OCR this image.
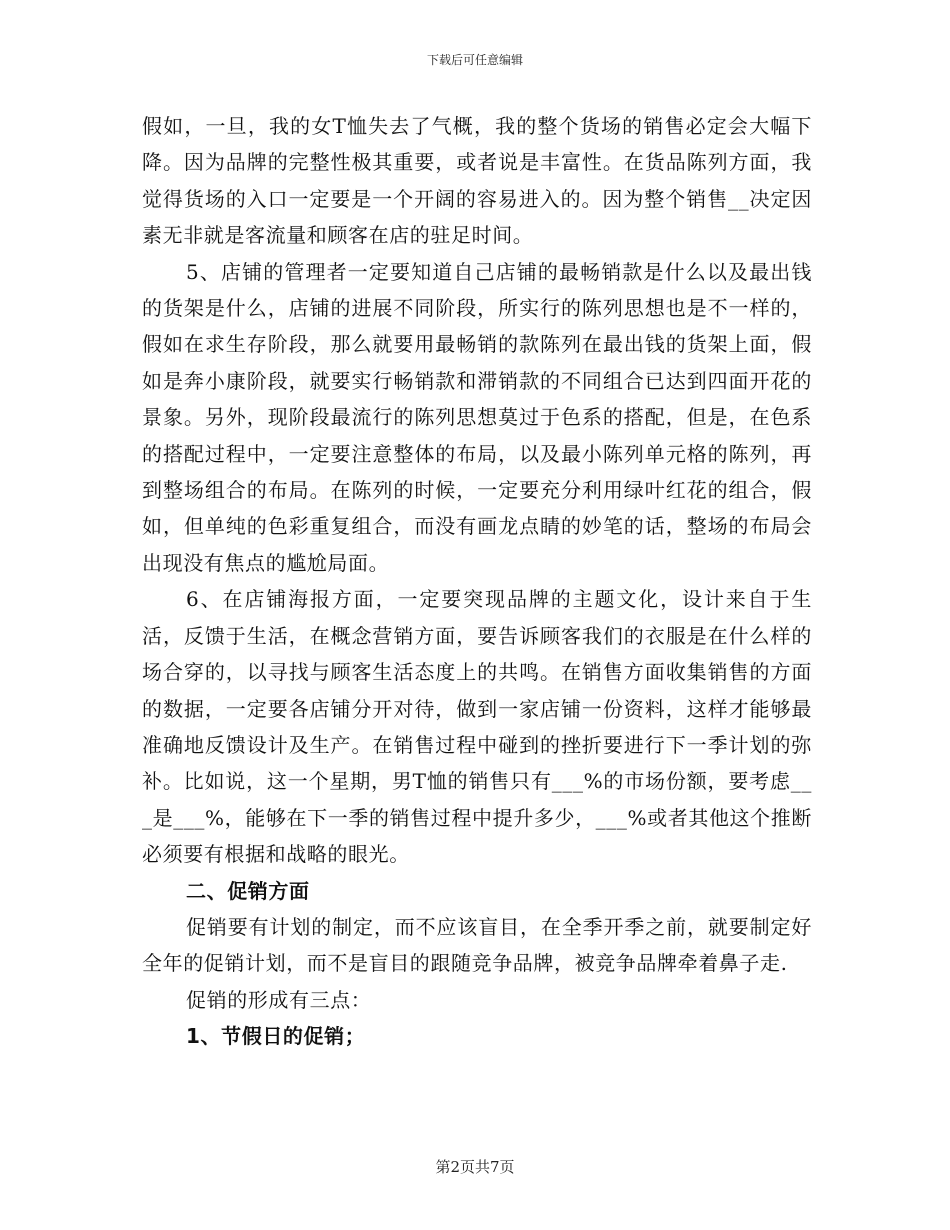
下载后可任意编辑

假如，一旦，我的女T恤失去了气概，我的整个货场的销售必定会大幅下降。因为品牌的完整性极其重要，或者说是丰富性。在货品陈列方面，我觉得货场的入口一定要是一个开阔的容易进入的。因为整个销售__决定因素无非就是客流量和顾客在店的驻足时间。

5、店铺的管理者一定要知道自己店铺的最畅销款是什么以及最出钱的货架是什么，店铺的进展不同阶段，所实行的陈列思想也是不一样的，假如在求生存阶段，那么就要用最畅销的款陈列在最出钱的货架上面，假如是奔小康阶段，就要实行畅销款和滞销款的不同组合已达到四面开花的景象。另外，现阶段最流行的陈列思想莫过于色系的搭配，但是，在色系的搭配过程中，一定要注意整体的布局，以及最小陈列单元格的陈列，再到整场组合的布局。在陈列的时候，一定要充分利用绿叶红花的组合，假如，但单纯的色彩重复组合，而没有画龙点睛的妙笔的话，整场的布局会出现没有焦点的尴尬局面。

6、在店铺海报方面，一定要突现品牌的主题文化，设计来自于生活，反馈于生活，在概念营销方面，要告诉顾客我们的衣服是在什么样的场合穿的，以寻找与顾客生活态度上的共鸣。在销售方面收集销售的方面的数据，一定要各店铺分开对待，做到一家店铺一份资料，这样才能够最准确地反馈设计及生产。在销售过程中碰到的挫折要进行下一季计划的弥补。比如说，这一个星期，男T恤的销售只有___%的市场份额，要考虑___是___%，能够在下一季的销售过程中提升多少，___%或者其他这个推断必须要有根据和战略的眼光。

二、促销方面

促销要有计划的制定，而不应该盲目，在全季开季之前，就要制定好全年的促销计划，而不是盲目的跟随竞争品牌，被竞争品牌牵着鼻子走.

促销的形成有三点：

1、节假日的促销；

第2页共7页
